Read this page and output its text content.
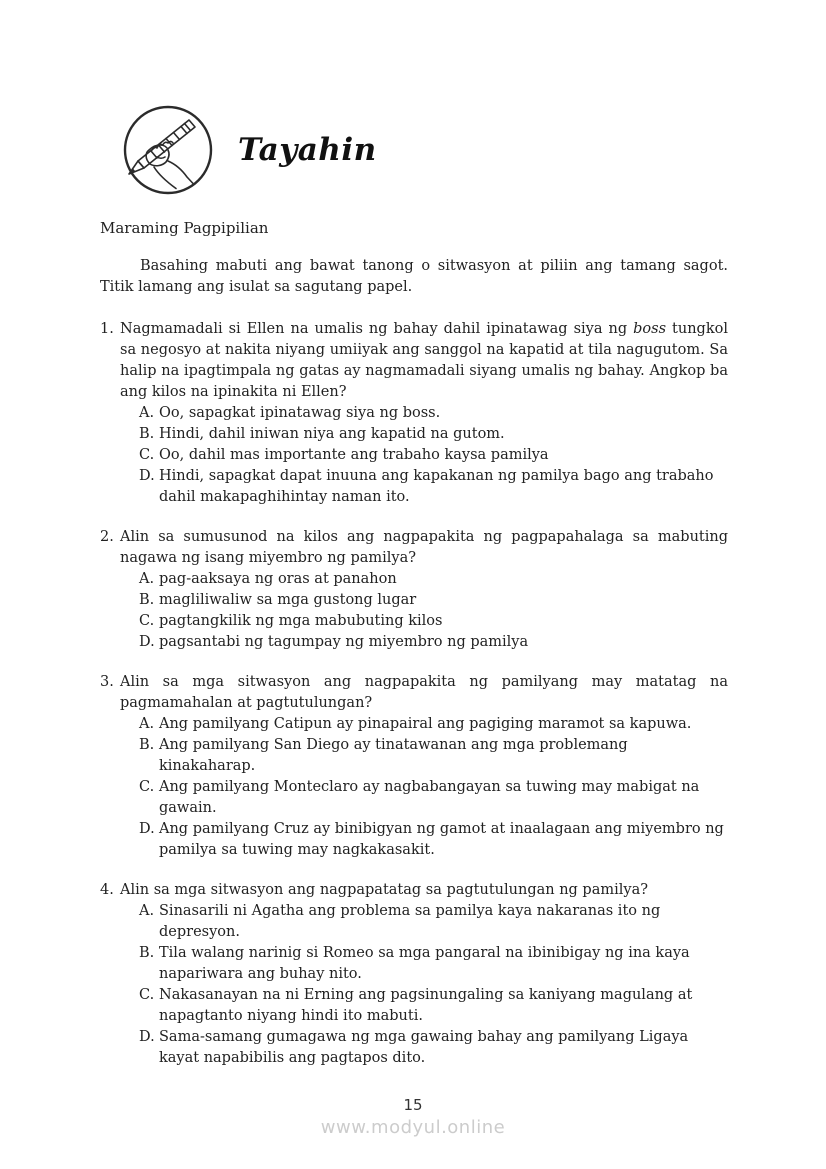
Tayahin
Maraming Pagpipilian

Basahing mabuti ang bawat tanong o sitwasyon at piliin ang tamang sagot. Titik lamang ang isulat sa sagutang papel.

1. Nagmamadali si Ellen na umalis ng bahay dahil ipinatawag siya ng boss tungkol sa negosyo at nakita niyang umiiyak ang sanggol na kapatid at tila nagugutom. Sa halip na ipagtimpala ng gatas ay nagmamadali siyang umalis ng bahay. Angkop ba ang kilos na ipinakita ni Ellen?
A. Oo, sapagkat ipinatawag siya ng boss.
B. Hindi, dahil iniwan niya ang kapatid na gutom.
C. Oo, dahil mas importante ang trabaho kaysa pamilya
D. Hindi, sapagkat dapat inuuna ang kapakanan ng pamilya bago ang trabaho dahil makapaghihintay naman ito.
2. Alin sa sumusunod na kilos ang nagpapakita ng pagpapahalaga sa mabuting nagawa ng isang miyembro ng pamilya?
A. pag-aaksaya ng oras at panahon
B. magliliwaliw sa mga gustong lugar
C. pagtangkilik ng mga mabubuting kilos
D. pagsantabi ng tagumpay ng miyembro ng pamilya
3. Alin sa mga sitwasyon ang nagpapakita ng pamilyang may matatag na pagmamahalan at pagtutulungan?
A. Ang pamilyang Catipun ay pinapairal ang pagiging maramot sa kapuwa.
B. Ang pamilyang San Diego ay tinatawanan ang mga problemang kinakaharap.
C. Ang pamilyang Monteclaro ay nagbabangayan sa tuwing may mabigat na gawain.
D. Ang pamilyang Cruz ay binibigyan ng gamot at inaalagaan ang miyembro ng pamilya sa tuwing may nagkakasakit.
4. Alin sa mga sitwasyon ang nagpapatatag sa pagtutulungan ng pamilya?
A. Sinasarili ni Agatha ang problema sa pamilya kaya nakaranas ito ng depresyon.
B. Tila walang narinig si Romeo sa mga pangaral na ibinibigay ng ina kaya napariwara ang buhay nito.
C. Nakasanayan na ni Erning ang pagsinungaling sa kaniyang magulang at napagtanto niyang hindi ito mabuti.
D. Sama-samang gumagawa ng mga gawaing bahay ang pamilyang Ligaya kayat napabibilis ang pagtapos dito.
15
www.modyul.online
